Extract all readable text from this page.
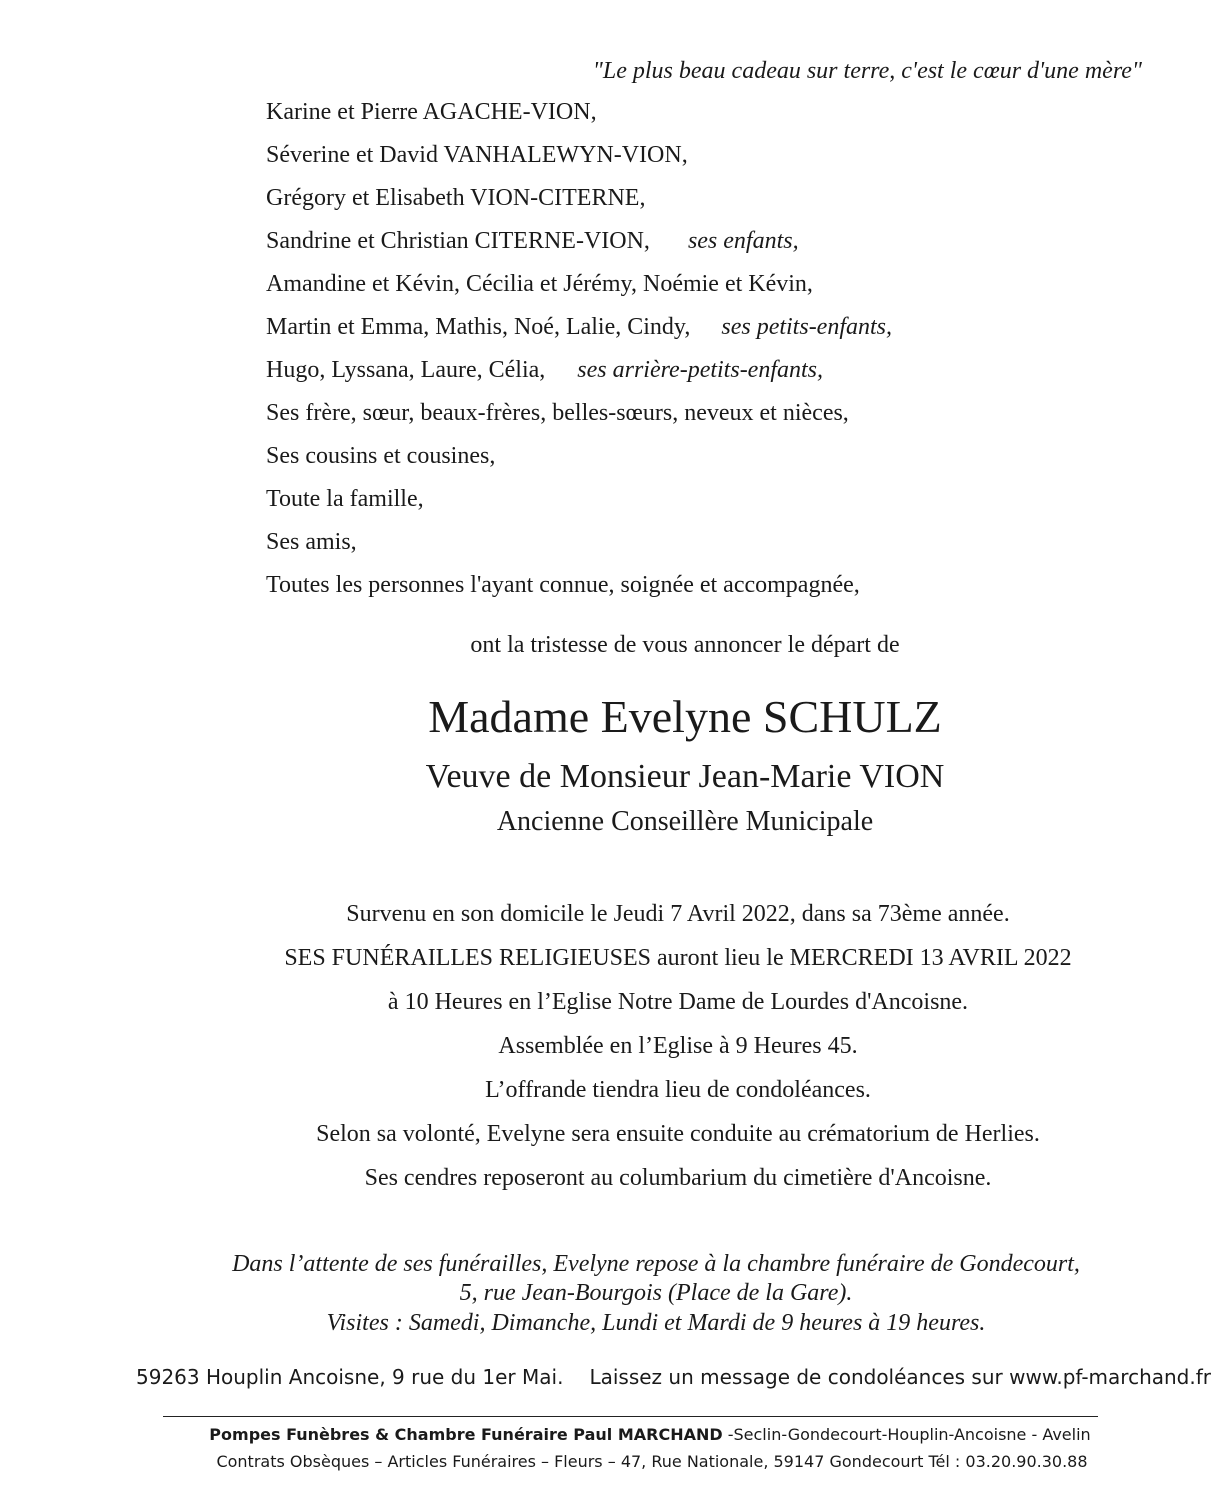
"Le plus beau cadeau sur terre, c'est le cœur d'une mère"
Karine et Pierre AGACHE-VION,
Séverine et David VANHALEWYN-VION,
Grégory et Elisabeth VION-CITERNE,
Sandrine et Christian CITERNE-VION, ses enfants,
Amandine et Kévin, Cécilia et Jérémy, Noémie et Kévin,
Martin et Emma, Mathis, Noé, Lalie, Cindy, ses petits-enfants,
Hugo, Lyssana, Laure, Célia, ses arrière-petits-enfants,
Ses frère, sœur, beaux-frères, belles-sœurs, neveux et nièces,
Ses cousins et cousines,
Toute la famille,
Ses amis,
Toutes les personnes l'ayant connue, soignée et accompagnée,
ont la tristesse de vous annoncer le départ de
Madame Evelyne SCHULZ
Veuve de Monsieur Jean-Marie VION
Ancienne Conseillère Municipale
Survenu en son domicile le Jeudi 7 Avril 2022, dans sa 73ème année.
SES FUNÉRAILLES RELIGIEUSES auront lieu le MERCREDI 13 AVRIL 2022
à 10 Heures en l’Eglise Notre Dame de Lourdes d'Ancoisne.
Assemblée en l’Eglise à 9 Heures 45.
L’offrande tiendra lieu de condoléances.
Selon sa volonté, Evelyne sera ensuite conduite au crématorium de Herlies.
Ses cendres reposeront au columbarium du cimetière d'Ancoisne.
Dans l’attente de ses funérailles, Evelyne repose à la chambre funéraire de Gondecourt,
5, rue Jean-Bourgois (Place de la Gare).
Visites : Samedi, Dimanche, Lundi et Mardi de 9 heures à 19 heures.
59263 Houplin Ancoisne, 9 rue du 1er Mai. Laissez un message de condoléances sur www.pf-marchand.fr
Pompes Funèbres & Chambre Funéraire Paul MARCHAND -Seclin-Gondecourt-Houplin-Ancoisne - Avelin
Contrats Obsèques – Articles Funéraires – Fleurs – 47, Rue Nationale, 59147 Gondecourt Tél : 03.20.90.30.88
